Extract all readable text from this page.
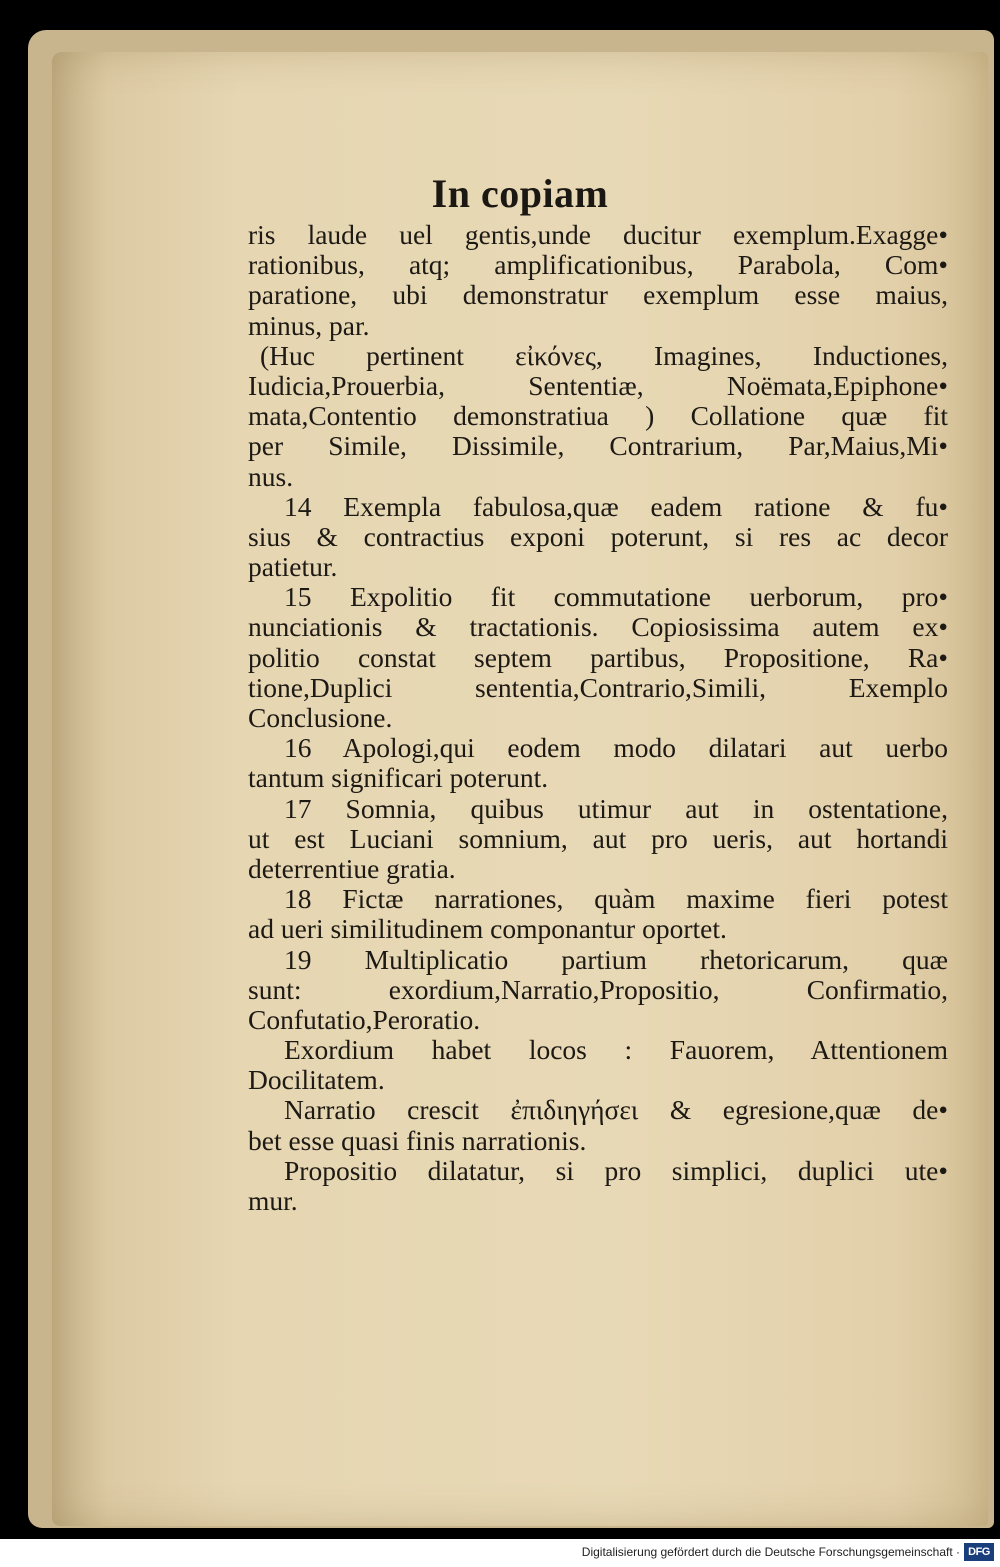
In copiam
ris laude uel gentis,unde ducitur exemplum.Exagge•
rationibus, atq; amplificationibus, Parabola, Com•
paratione, ubi demonstratur exemplum esse maius,
minus, par.
(Huc pertinent εἰκόνες, Imagines, Inductiones,
Iudicia,Prouerbia, Sententiæ, Noëmata,Epiphone•
mata,Contentio demonstratiua ) Collatione quæ fit
per Simile, Dissimile, Contrarium, Par,Maius,Mi•
nus.
14 Exempla fabulosa,quæ eadem ratione & fu•
sius & contractius exponi poterunt, si res ac decor
patietur.
15 Expolitio fit commutatione uerborum, pro•
nunciationis & tractationis. Copiosissima autem ex•
politio constat septem partibus, Propositione, Ra•
tione,Duplici sententia,Contrario,Simili, Exemplo
Conclusione.
16 Apologi,qui eodem modo dilatari aut uerbo
tantum significari poterunt.
17 Somnia, quibus utimur aut in ostentatione,
ut est Luciani somnium, aut pro ueris, aut hortandi
deterrentiue gratia.
18 Fictæ narrationes, quàm maxime fieri potest
ad ueri similitudinem componantur oportet.
19 Multiplicatio partium rhetoricarum, quæ
sunt: exordium,Narratio,Propositio, Confirmatio,
Confutatio,Peroratio.
Exordium habet locos : Fauorem, Attentionem
Docilitatem.
Narratio crescit ἐπιδιηγήσει & egresione,quæ de•
bet esse quasi finis narrationis.
Propositio dilatatur, si pro simplici, duplici ute•
mur.
Digitalisierung gefördert durch die Deutsche Forschungsgemeinschaft · DFG
